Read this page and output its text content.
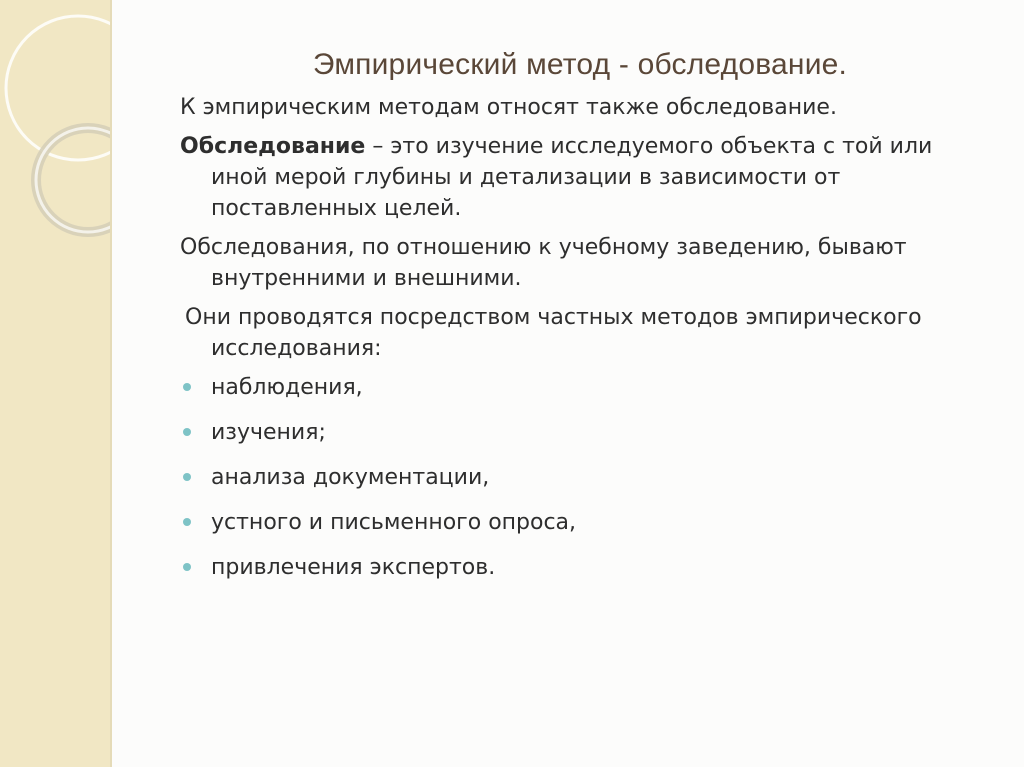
Эмпирический метод - обследование.

К эмпирическим методам относят также обследование.

Обследование – это изучение исследуемого объекта с той или иной мерой глубины и детализации в зависимости от поставленных целей.

Обследования, по отношению к учебному заведению, бывают внутренними и внешними.

Они проводятся посредством частных методов эмпирического исследования:

наблюдения,
изучения;
анализа документации,
устного и письменного опроса,
привлечения экспертов.
